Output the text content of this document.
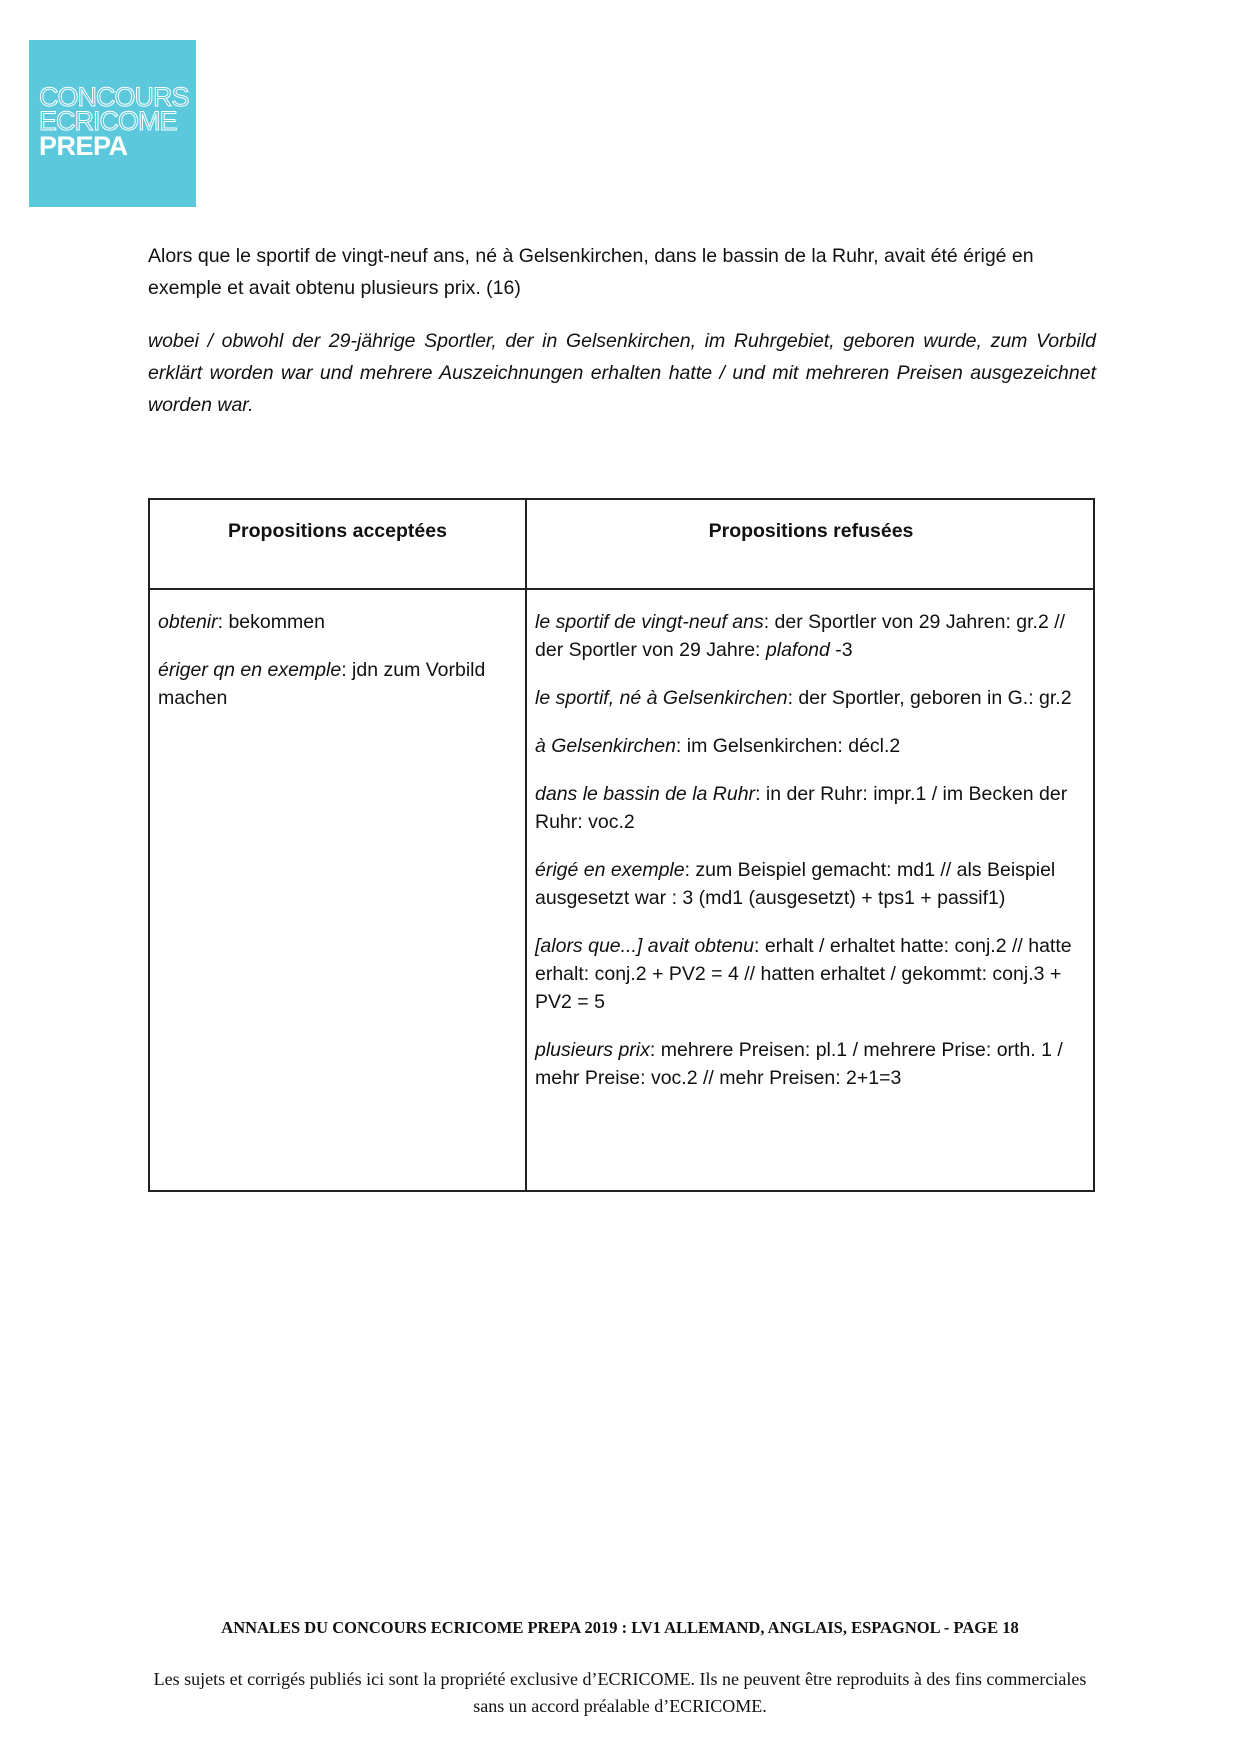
CONCOURS
ECRICOME
PREPA

Alors que le sportif de vingt-neuf ans, né à Gelsenkirchen, dans le bassin de la Ruhr, avait été érigé en exemple et avait obtenu plusieurs prix. (16)

wobei / obwohl der 29-jährige Sportler, der in Gelsenkirchen, im Ruhrgebiet, geboren wurde, zum Vorbild erklärt worden war und mehrere Auszeichnungen erhalten hatte / und mit mehreren Preisen ausgezeichnet worden war.

Propositions acceptées	Propositions refusées

obtenir: bekommen

ériger qn en exemple: jdn zum Vorbild machen

le sportif de vingt-neuf ans: der Sportler von 29 Jahren: gr.2 // der Sportler von 29 Jahre: plafond -3

le sportif, né à Gelsenkirchen: der Sportler, geboren in G.: gr.2

à Gelsenkirchen: im Gelsenkirchen: décl.2

dans le bassin de la Ruhr: in der Ruhr: impr.1 / im Becken der Ruhr: voc.2

érigé en exemple: zum Beispiel gemacht: md1 // als Beispiel ausgesetzt war : 3 (md1 (ausgesetzt) + tps1 + passif1)

[alors que...] avait obtenu: erhalt / erhaltet hatte: conj.2 // hatte erhalt: conj.2 + PV2 = 4 // hatten erhaltet / gekommt: conj.3 + PV2 = 5

plusieurs prix: mehrere Preisen: pl.1 / mehrere Prise: orth. 1 / mehr Preise: voc.2 // mehr Preisen: 2+1=3

ANNALES DU CONCOURS ECRICOME PREPA 2019 : LV1 ALLEMAND, ANGLAIS, ESPAGNOL - PAGE 18
Les sujets et corrigés publiés ici sont la propriété exclusive d’ECRICOME. Ils ne peuvent être reproduits à des fins commerciales sans un accord préalable d’ECRICOME.
